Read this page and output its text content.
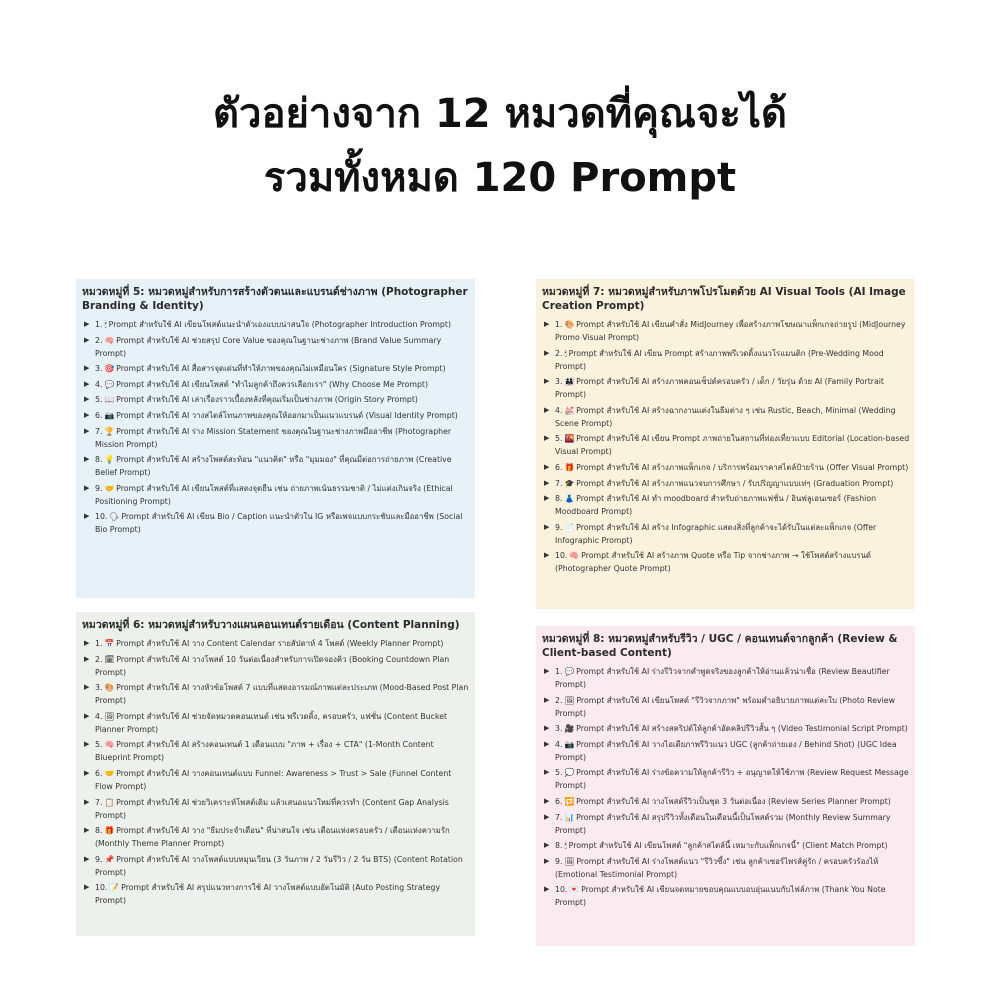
ตัวอย่างจาก 12 หมวดที่คุณจะได้
รวมทั้งหมด 120 Prompt
หมวดหมู่ที่ 5: หมวดหมู่สำหรับการสร้างตัวตนและแบรนด์ช่างภาพ (Photographer Branding & Identity)
▶ 1. 🕯 Prompt สำหรับใช้ AI เขียนโพสต์แนะนำตัวเองแบบน่าสนใจ (Photographer Introduction Prompt)
▶ 2. 🧠 Prompt สำหรับใช้ AI ช่วยสรุป Core Value ของคุณในฐานะช่างภาพ (Brand Value Summary Prompt)
▶ 3. 🎯 Prompt สำหรับใช้ AI สื่อสารจุดเด่นที่ทำให้ภาพของคุณไม่เหมือนใคร (Signature Style Prompt)
▶ 4. 💬 Prompt สำหรับใช้ AI เขียนโพสต์ "ทำไมลูกค้าถึงควรเลือกเรา" (Why Choose Me Prompt)
▶ 5. 📖 Prompt สำหรับใช้ AI เล่าเรื่องราวเบื้องหลังที่คุณเริ่มเป็นช่างภาพ (Origin Story Prompt)
▶ 6. 📷 Prompt สำหรับใช้ AI วางสไตล์โทนภาพของคุณให้ออกมาเป็นแนวแบรนด์ (Visual Identity Prompt)
▶ 7. 🏆 Prompt สำหรับใช้ AI ร่าง Mission Statement ของคุณในฐานะช่างภาพมืออาชีพ (Photographer Mission Prompt)
▶ 8. 💡 Prompt สำหรับใช้ AI สร้างโพสต์สะท้อน "แนวคิด" หรือ "มุมมอง" ที่คุณมีต่อการถ่ายภาพ (Creative Belief Prompt)
▶ 9. 🤝 Prompt สำหรับใช้ AI เขียนโพสต์ที่แสดงจุดยืน เช่น ถ่ายภาพเน้นธรรมชาติ / ไม่แต่งเกินจริง (Ethical Positioning Prompt)
▶ 10. 🗣 Prompt สำหรับใช้ AI เขียน Bio / Caption แนะนำตัวใน IG หรือเพจแบบกระชับและมืออาชีพ (Social Bio Prompt)
หมวดหมู่ที่ 7: หมวดหมู่สำหรับภาพโปรโมตด้วย AI Visual Tools (AI Image Creation Prompt)
▶ 1. 🎨 Prompt สำหรับใช้ AI เขียนคำสั่ง MidJourney เพื่อสร้างภาพโฆษณาแพ็กเกจถ่ายรูป (MidJourney Promo Visual Prompt)
▶ 2. 🕯 Prompt สำหรับใช้ AI เขียน Prompt สร้างภาพพรีเวดดิ้งแนวโรแมนติก (Pre-Wedding Mood Prompt)
▶ 3. 👨‍👩‍👧 Prompt สำหรับใช้ AI สร้างภาพคอนเซ็ปต์ครอบครัว / เด็ก / วัยรุ่น ด้วย AI (Family Portrait Prompt)
▶ 4. 💒 Prompt สำหรับใช้ AI สร้างฉากงานแต่งในธีมต่าง ๆ เช่น Rustic, Beach, Minimal (Wedding Scene Prompt)
▶ 5. 🌇 Prompt สำหรับใช้ AI เขียน Prompt ภาพถ่ายในสถานที่ท่องเที่ยวแบบ Editorial (Location-based Visual Prompt)
▶ 6. 🎁 Prompt สำหรับใช้ AI สร้างภาพแพ็กเกจ / บริการพร้อมราคาสไตล์ป้ายร้าน (Offer Visual Prompt)
▶ 7. 🎓 Prompt สำหรับใช้ AI สร้างภาพแนวจบการศึกษา / รับปริญญาแบบเท่ๆ (Graduation Prompt)
▶ 8. 👗 Prompt สำหรับใช้ AI ทำ moodboard สำหรับถ่ายภาพแฟชั่น / อินฟลูเอนเซอร์ (Fashion Moodboard Prompt)
▶ 9. 📄 Prompt สำหรับใช้ AI สร้าง Infographic แสดงสิ่งที่ลูกค้าจะได้รับในแต่ละแพ็กเกจ (Offer Infographic Prompt)
▶ 10. 🧠 Prompt สำหรับใช้ AI สร้างภาพ Quote หรือ Tip จากช่างภาพ → ใช้โพสต์สร้างแบรนด์ (Photographer Quote Prompt)
หมวดหมู่ที่ 6: หมวดหมู่สำหรับวางแผนคอนเทนต์รายเดือน (Content Planning)
▶ 1. 📅 Prompt สำหรับใช้ AI วาง Content Calendar รายสัปดาห์ 4 โพสต์ (Weekly Planner Prompt)
▶ 2. 🗓 Prompt สำหรับใช้ AI วางโพสต์ 10 วันต่อเนื่องสำหรับการเปิดจองคิว (Booking Countdown Plan Prompt)
▶ 3. 🎨 Prompt สำหรับใช้ AI วางหัวข้อโพสต์ 7 แบบที่แสดงอารมณ์ภาพแต่ละประเภท (Mood-Based Post Plan Prompt)
▶ 4. 🖼 Prompt สำหรับใช้ AI ช่วยจัดหมวดคอนเทนต์ เช่น พรีเวดดิ้ง, ครอบครัว, แฟชั่น (Content Bucket Planner Prompt)
▶ 5. 🧠 Prompt สำหรับใช้ AI สร้างคอนเทนต์ 1 เดือนแบบ "ภาพ + เรื่อง + CTA" (1-Month Content Blueprint Prompt)
▶ 6. 🤝 Prompt สำหรับใช้ AI วางคอนเทนต์แบบ Funnel: Awareness > Trust > Sale (Funnel Content Flow Prompt)
▶ 7. 📋 Prompt สำหรับใช้ AI ช่วยวิเคราะห์โพสต์เดิม แล้วเสนอแนวใหม่ที่ควรทำ (Content Gap Analysis Prompt)
▶ 8. 🎁 Prompt สำหรับใช้ AI วาง "ธีมประจำเดือน" ที่น่าสนใจ เช่น เดือนแห่งครอบครัว / เดือนแห่งความรัก (Monthly Theme Planner Prompt)
▶ 9. 📌 Prompt สำหรับใช้ AI วางโพสต์แบบหมุนเวียน (3 วันภาพ / 2 วันรีวิว / 2 วัน BTS) (Content Rotation Prompt)
▶ 10. 📝 Prompt สำหรับใช้ AI สรุปแนวทางการใช้ AI วางโพสต์แบบอัตโนมัติ (Auto Posting Strategy Prompt)
หมวดหมู่ที่ 8: หมวดหมู่สำหรับรีวิว / UGC / คอนเทนต์จากลูกค้า (Review & Client-based Content)
▶ 1. 💬 Prompt สำหรับใช้ AI ร่างรีวิวจากคำพูดจริงของลูกค้าให้อ่านแล้วน่าเชื่อ (Review Beautifier Prompt)
▶ 2. 🖼 Prompt สำหรับใช้ AI เขียนโพสต์ "รีวิวจากภาพ" พร้อมคำอธิบายภาพแต่ละใบ (Photo Review Prompt)
▶ 3. 🎥 Prompt สำหรับใช้ AI สร้างสคริปต์ให้ลูกค้าอัดคลิปรีวิวสั้น ๆ (Video Testimonial Script Prompt)
▶ 4. 📷 Prompt สำหรับใช้ AI วางไอเดียภาพรีวิวแนว UGC (ลูกค้าถ่ายเอง / Behind Shot) (UGC Idea Prompt)
▶ 5. 💭 Prompt สำหรับใช้ AI ร่างข้อความให้ลูกค้ารีวิว + อนุญาตให้ใช้ภาพ (Review Request Message Prompt)
▶ 6. 🔁 Prompt สำหรับใช้ AI วางโพสต์รีวิวเป็นชุด 3 วันต่อเนื่อง (Review Series Planner Prompt)
▶ 7. 📊 Prompt สำหรับใช้ AI สรุปรีวิวทั้งเดือนในเดือนนี้เป็นโพสต์รวม (Monthly Review Summary Prompt)
▶ 8. 🕯 Prompt สำหรับใช้ AI เขียนโพสต์ "ลูกค้าสไตล์นี้ เหมาะกับแพ็กเกจนี้" (Client Match Prompt)
▶ 9. 🖼 Prompt สำหรับใช้ AI ร่างโพสต์แนว "รีวิวซึ้ง" เช่น ลูกค้าเซอร์ไพรส์คู่รัก / ครอบครัวร้องไห้ (Emotional Testimonial Prompt)
▶ 10. 💌 Prompt สำหรับใช้ AI เขียนจดหมายขอบคุณแบบอบอุ่นแนบกับไฟล์ภาพ (Thank You Note Prompt)
